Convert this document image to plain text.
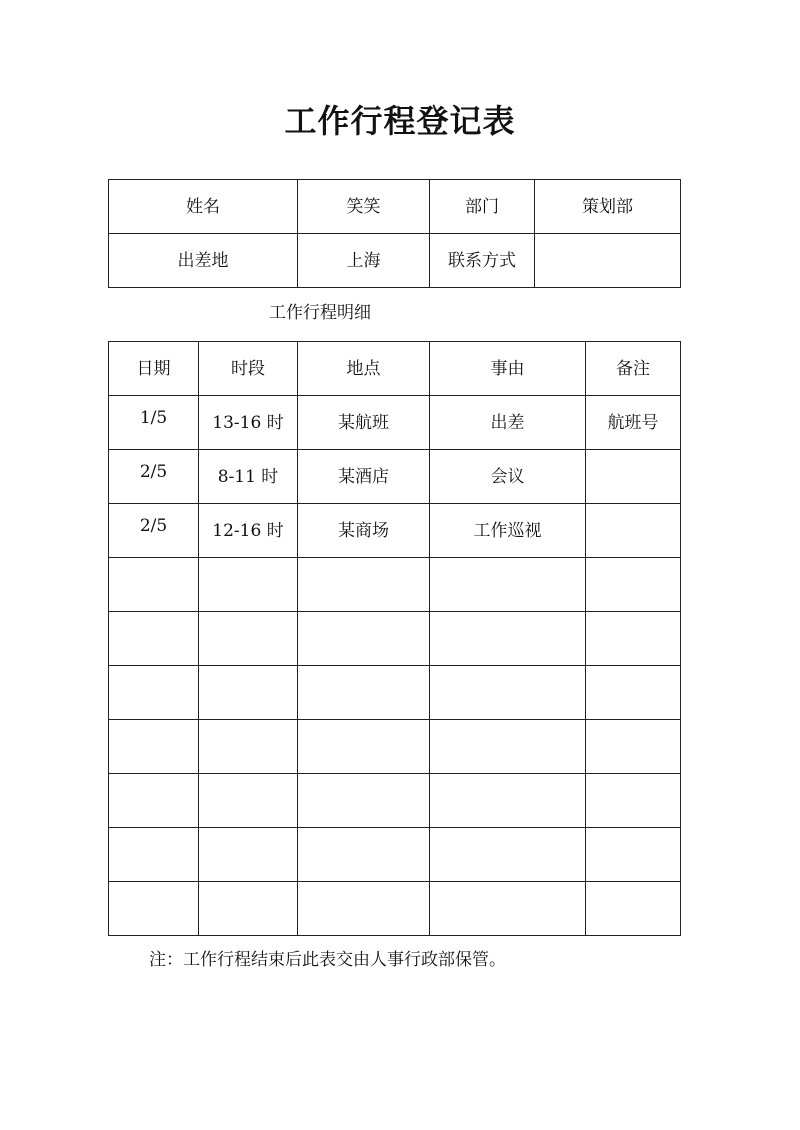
工作行程登记表
姓名	笑笑	部门	策划部
出差地	上海	联系方式	
工作行程明细
日期	时段	地点	事由	备注
1/5	13-16 时	某航班	出差	航班号
2/5	8-11 时	某酒店	会议	
2/5	12-16 时	某商场	工作巡视	

注：工作行程结束后此表交由人事行政部保管。
